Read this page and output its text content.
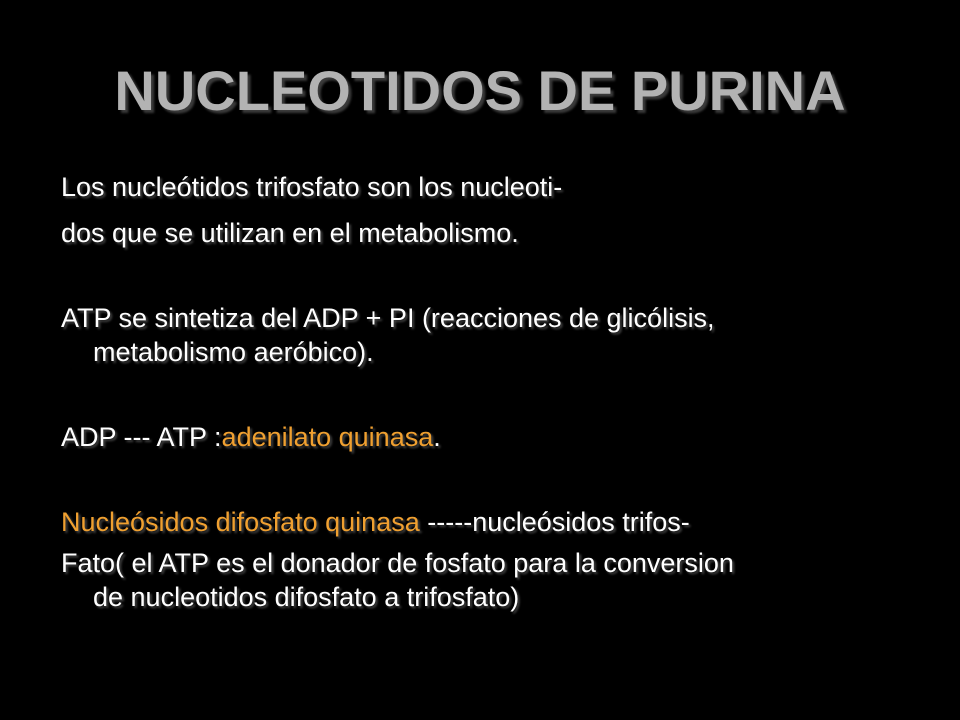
NUCLEOTIDOS DE PURINA
Los nucleótidos trifosfato son los nucleoti-
dos que se utilizan en el metabolismo.
ATP se sintetiza del ADP + PI (reacciones de glicólisis,
metabolismo aeróbico).
ADP --- ATP :adenilato quinasa.
Nucleósidos difosfato quinasa -----nucleósidos trifos-
Fato( el ATP es el donador de fosfato para la conversion
de nucleotidos difosfato a trifosfato)
